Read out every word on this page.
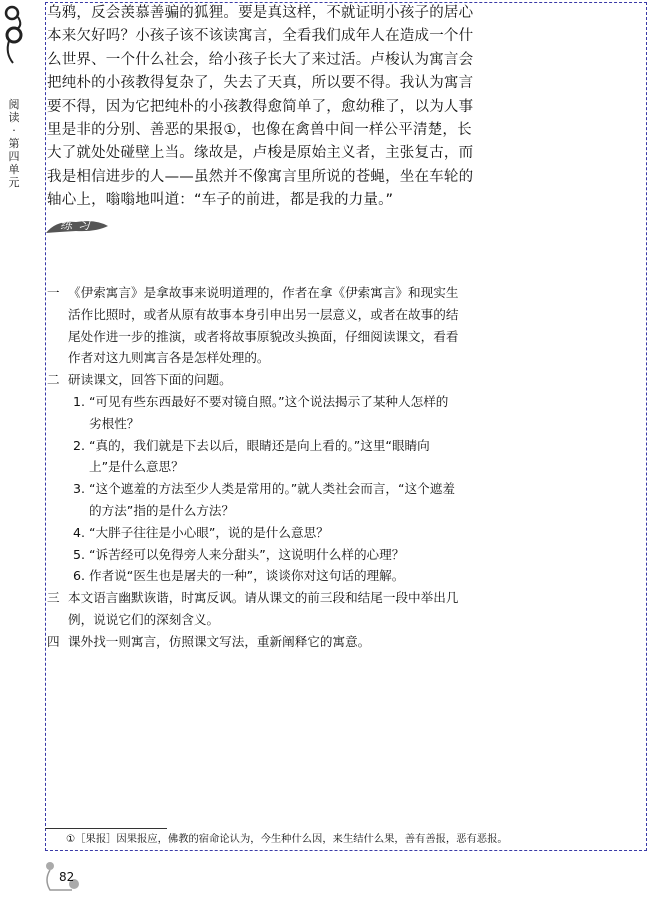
阅读·第四单元
乌鸦，反会羡慕善骗的狐狸。要是真这样，不就证明小孩子的居心
本来欠好吗？小孩子该不该读寓言，全看我们成年人在造成一个什
么世界、一个什么社会，给小孩子长大了来过活。卢梭认为寓言会
把纯朴的小孩教得复杂了，失去了天真，所以要不得。我认为寓言
要不得，因为它把纯朴的小孩教得愈简单了，愈幼稚了，以为人事
里是非的分别、善恶的果报①，也像在禽兽中间一样公平清楚，长
大了就处处碰壁上当。缘故是，卢梭是原始主义者，主张复古，而
我是相信进步的人——虽然并不像寓言里所说的苍蝇，坐在车轮的
轴心上，嗡嗡地叫道：“车子的前进，都是我的力量。”
练习
一 《伊索寓言》是拿故事来说明道理的，作者在拿《伊索寓言》和现实生
活作比照时，或者从原有故事本身引申出另一层意义，或者在故事的结
尾处作进一步的推演，或者将故事原貌改头换面，仔细阅读课文，看看
作者对这九则寓言各是怎样处理的。
二 研读课文，回答下面的问题。
1. “可见有些东西最好不要对镜自照。”这个说法揭示了某种人怎样的
劣根性？
2. “真的，我们就是下去以后，眼睛还是向上看的。”这里“眼睛向
上”是什么意思？
3. “这个遮羞的方法至少人类是常用的。”就人类社会而言，“这个遮羞
的方法”指的是什么方法？
4. “大胖子往往是小心眼”，说的是什么意思？
5. “诉苦经可以免得旁人来分甜头”，这说明什么样的心理？
6. 作者说“医生也是屠夫的一种”，谈谈你对这句话的理解。
三 本文语言幽默诙谐，时寓反讽。请从课文的前三段和结尾一段中举出几
例，说说它们的深刻含义。
四 课外找一则寓言，仿照课文写法，重新阐释它的寓意。
①［果报］因果报应，佛教的宿命论认为，今生种什么因，来生结什么果，善有善报，恶有恶报。
82
